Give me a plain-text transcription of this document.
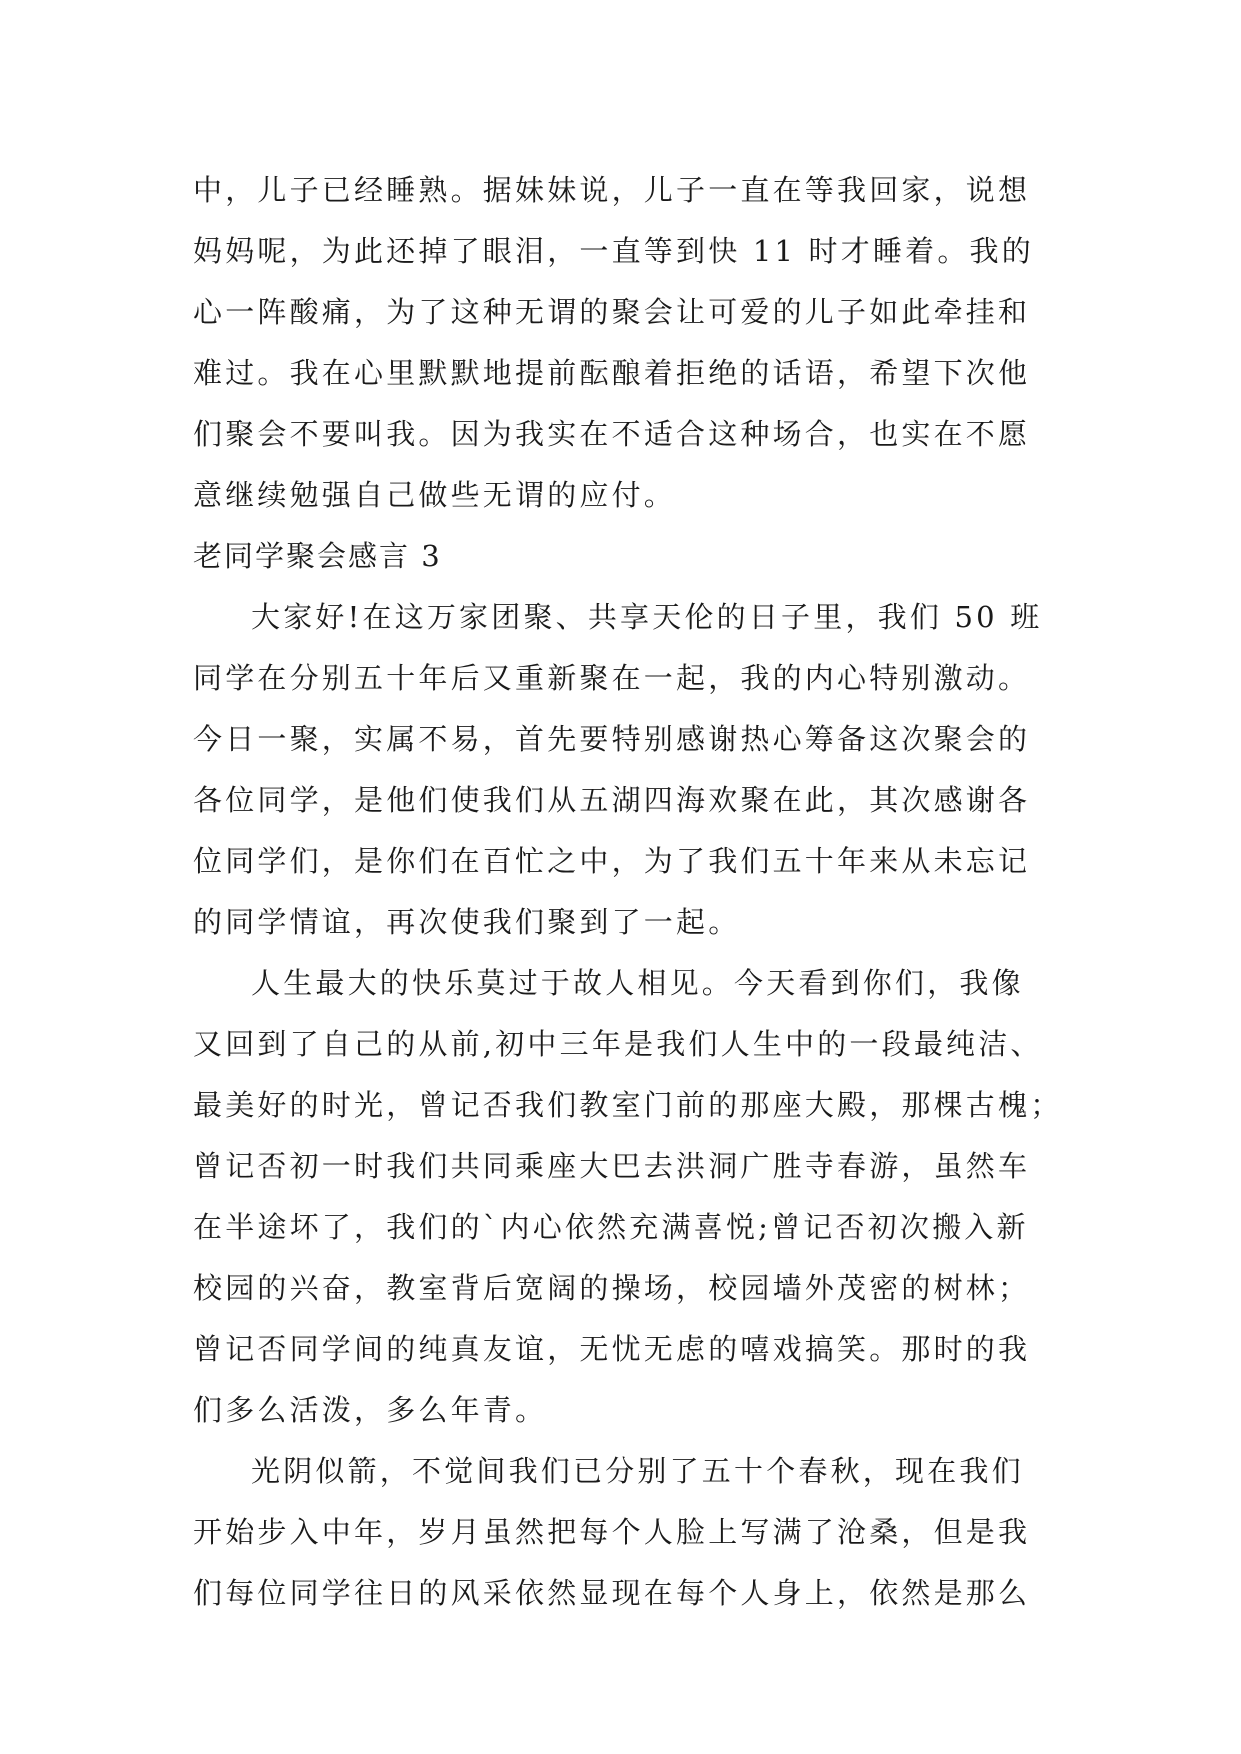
中，儿子已经睡熟。据妹妹说，儿子一直在等我回家，说想
妈妈呢，为此还掉了眼泪，一直等到快 11 时才睡着。我的
心一阵酸痛，为了这种无谓的聚会让可爱的儿子如此牵挂和
难过。我在心里默默地提前酝酿着拒绝的话语，希望下次他
们聚会不要叫我。因为我实在不适合这种场合，也实在不愿
意继续勉强自己做些无谓的应付。
老同学聚会感言 3
大家好!在这万家团聚、共享天伦的日子里，我们 50 班
同学在分别五十年后又重新聚在一起，我的内心特别激动。
今日一聚，实属不易，首先要特别感谢热心筹备这次聚会的
各位同学，是他们使我们从五湖四海欢聚在此，其次感谢各
位同学们，是你们在百忙之中，为了我们五十年来从未忘记
的同学情谊，再次使我们聚到了一起。
人生最大的快乐莫过于故人相见。今天看到你们，我像
又回到了自己的从前,初中三年是我们人生中的一段最纯洁、
最美好的时光，曾记否我们教室门前的那座大殿，那棵古槐；
曾记否初一时我们共同乘座大巴去洪洞广胜寺春游，虽然车
在半途坏了，我们的`内心依然充满喜悦;曾记否初次搬入新
校园的兴奋，教室背后宽阔的操场，校园墙外茂密的树林；
曾记否同学间的纯真友谊，无忧无虑的嘻戏搞笑。那时的我
们多么活泼，多么年青。
光阴似箭，不觉间我们已分别了五十个春秋，现在我们
开始步入中年，岁月虽然把每个人脸上写满了沧桑，但是我
们每位同学往日的风采依然显现在每个人身上，依然是那么
